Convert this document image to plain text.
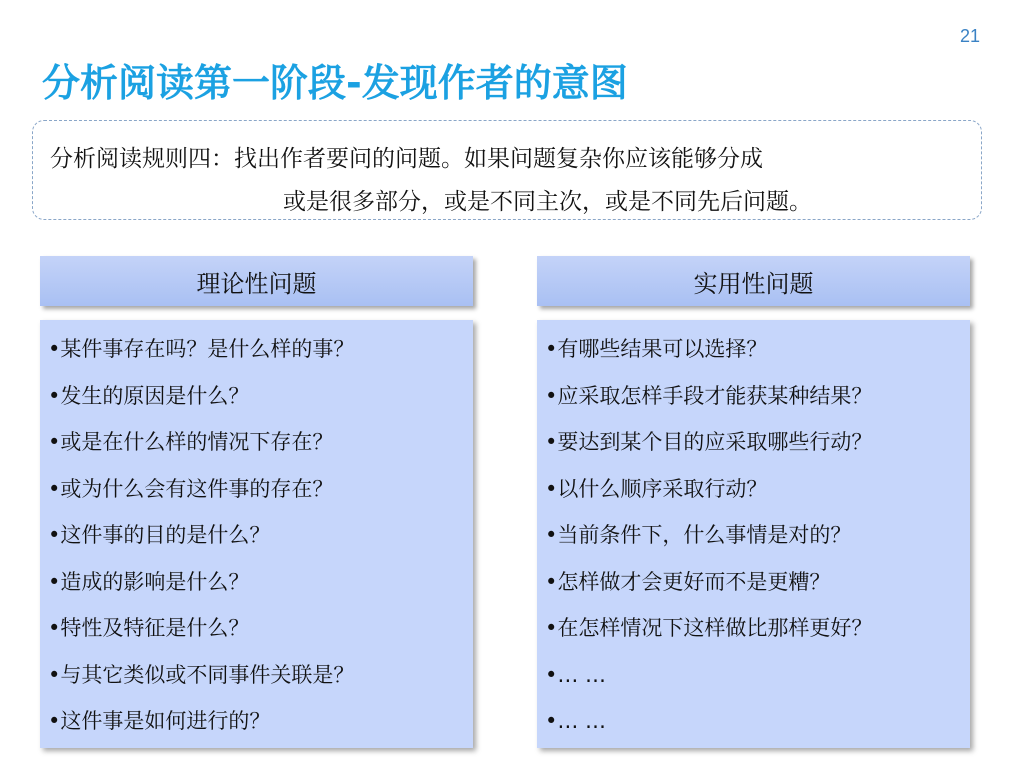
21
分析阅读第一阶段-发现作者的意图
分析阅读规则四：找出作者要问的问题。如果问题复杂你应该能够分成
或是很多部分，或是不同主次，或是不同先后问题。
理论性问题
•某件事存在吗？是什么样的事？
•发生的原因是什么？
•或是在什么样的情况下存在？
•或为什么会有这件事的存在？
•这件事的目的是什么？
•造成的影响是什么？
•特性及特征是什么？
•与其它类似或不同事件关联是？
•这件事是如何进行的？
实用性问题
•有哪些结果可以选择？
•应采取怎样手段才能获某种结果？
•要达到某个目的应采取哪些行动？
•以什么顺序采取行动？
•当前条件下，什么事情是对的？
•怎样做才会更好而不是更糟？
•在怎样情况下这样做比那样更好？
•… …
•… …
